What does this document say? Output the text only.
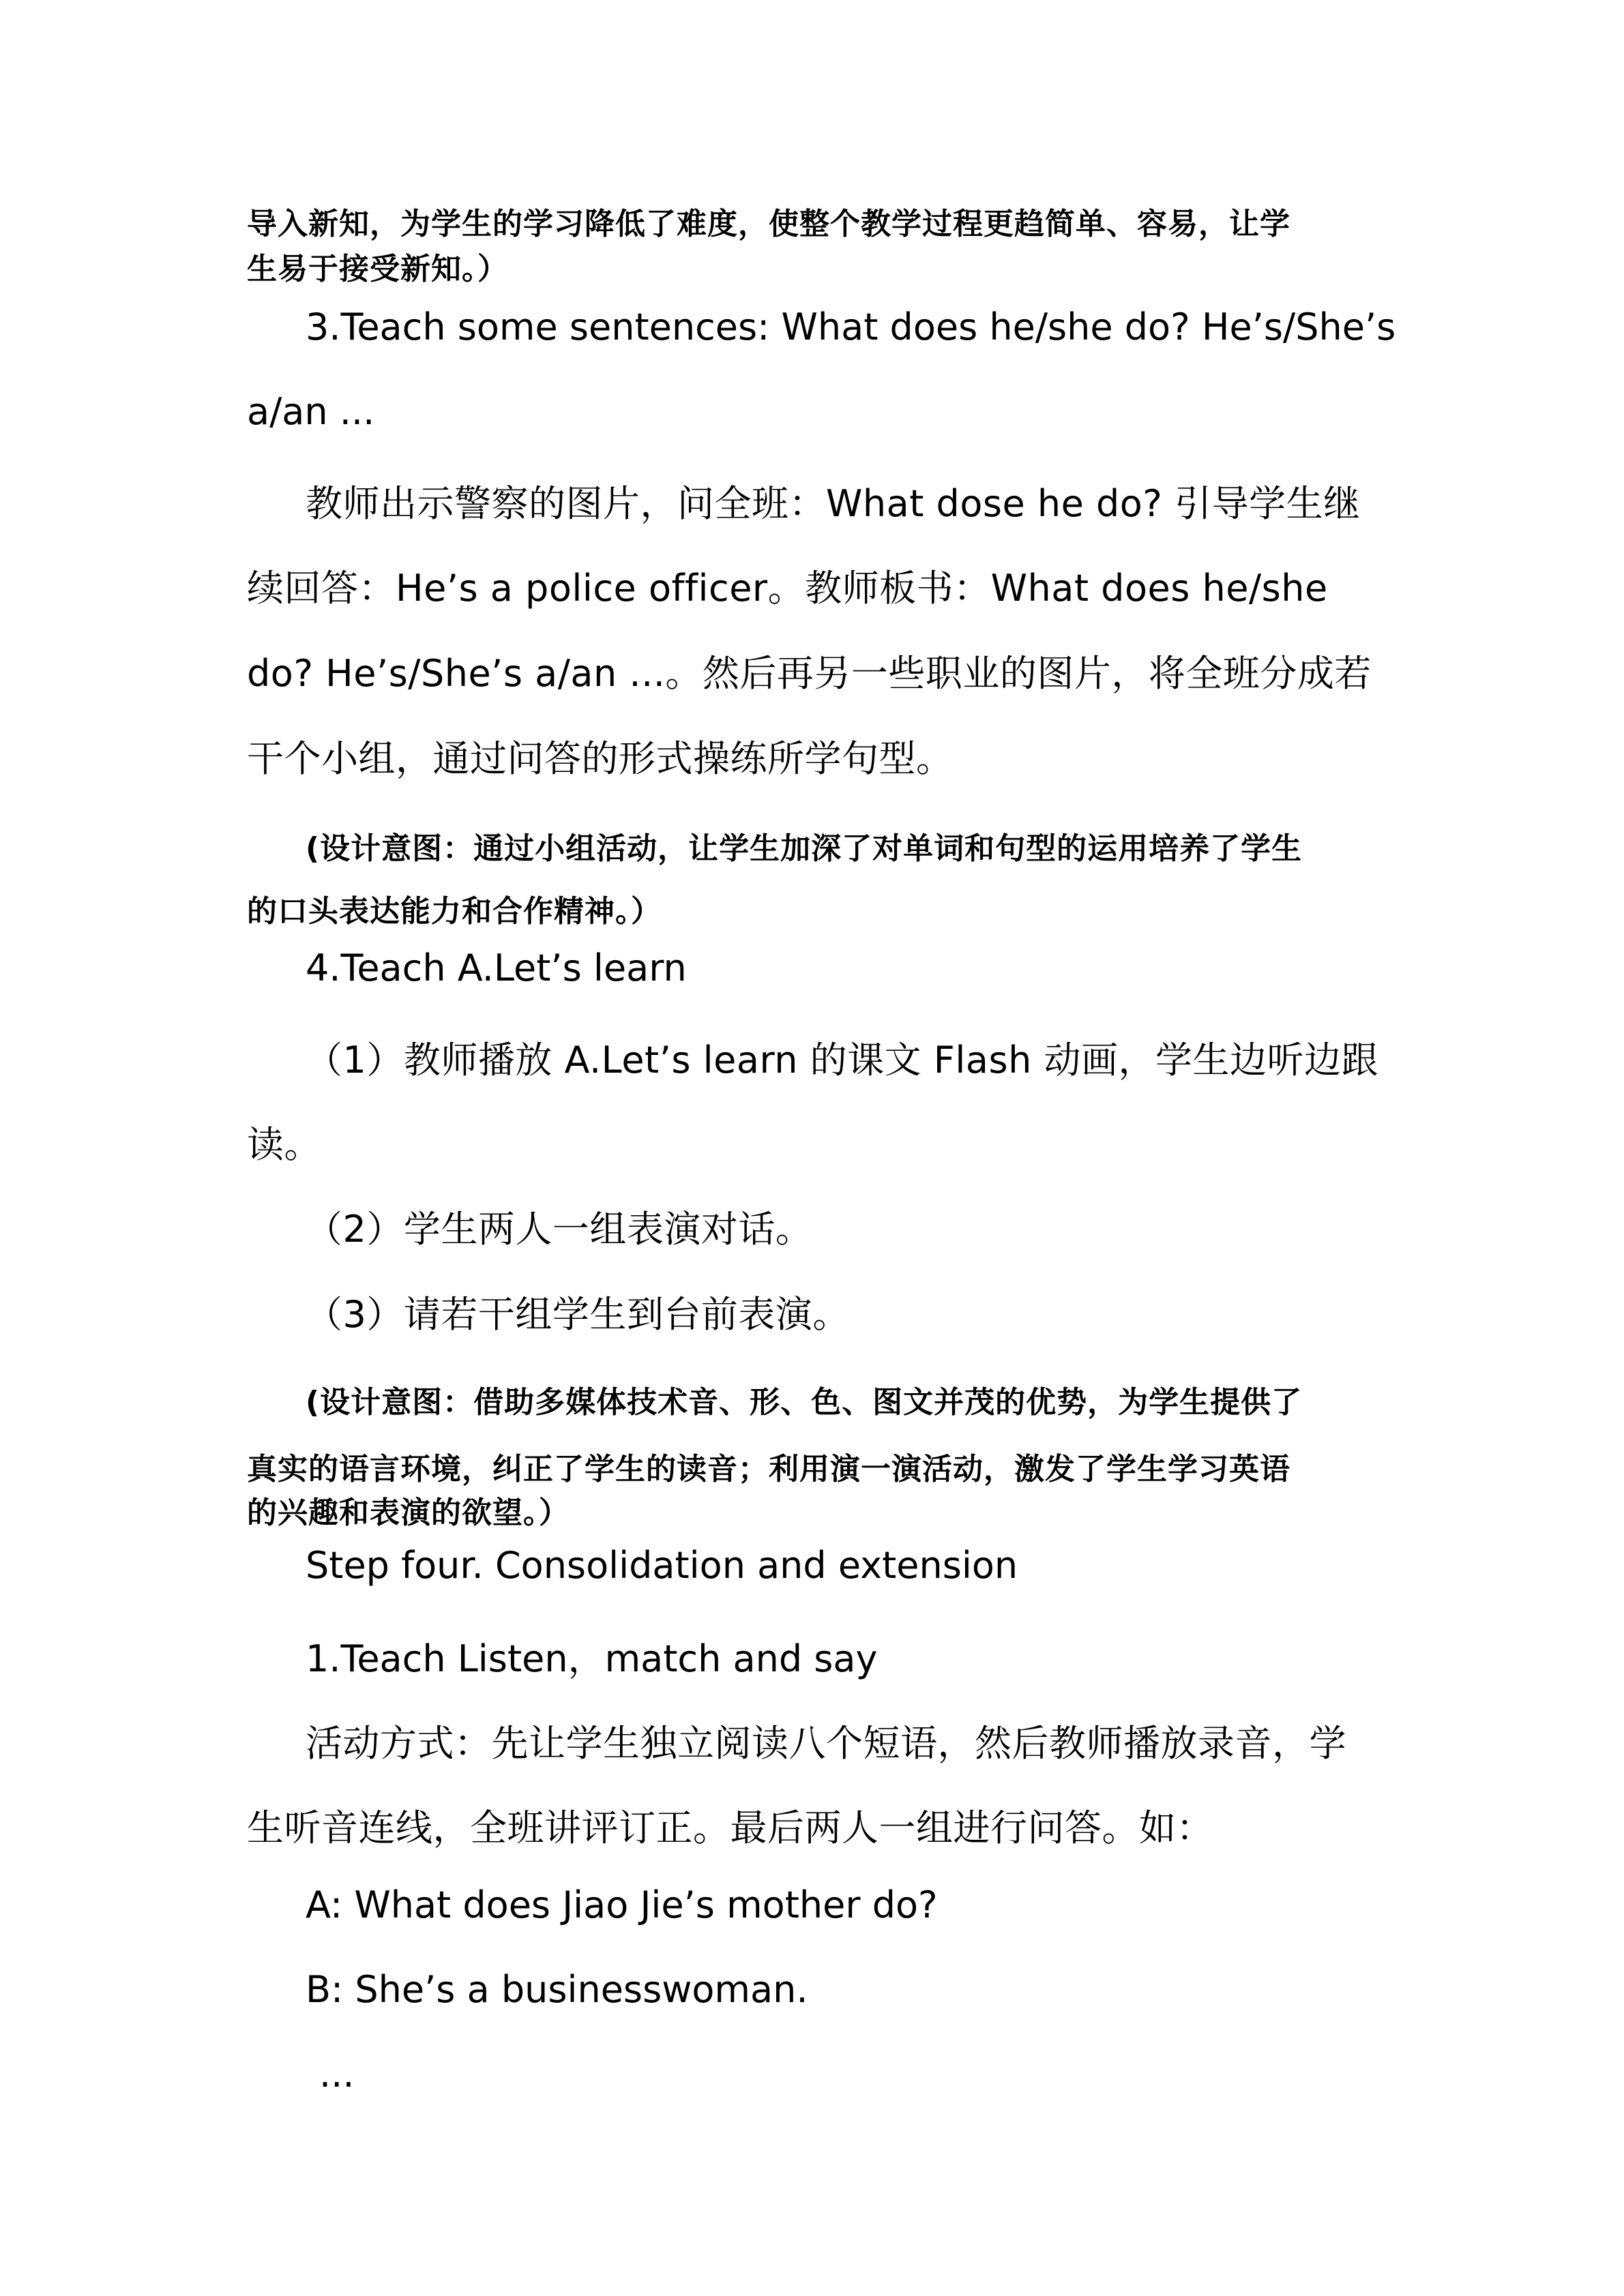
导入新知，为学生的学习降低了难度，使整个教学过程更趋简单、容易，让学

生易于接受新知。）

3.Teach some sentences: What does he/she do? He’s/She’s

a/an ...

教师出示警察的图片，问全班：What dose he do? 引导学生继

续回答：He’s a police officer。教师板书：What does he/she

do? He’s/She’s a/an ...。然后再另一些职业的图片，将全班分成若

干个小组，通过问答的形式操练所学句型。

(设计意图：通过小组活动，让学生加深了对单词和句型的运用培养了学生

的口头表达能力和合作精神。）

4.Teach A.Let’s learn

（1）教师播放 A.Let’s learn 的课文 Flash 动画，学生边听边跟

读。

（2）学生两人一组表演对话。

（3）请若干组学生到台前表演。

(设计意图：借助多媒体技术音、形、色、图文并茂的优势，为学生提供了

真实的语言环境，纠正了学生的读音；利用演一演活动，激发了学生学习英语

的兴趣和表演的欲望。）

Step four. Consolidation and extension

1.Teach Listen，match and say

活动方式：先让学生独立阅读八个短语，然后教师播放录音，学

生听音连线，全班讲评订正。最后两人一组进行问答。如：

A: What does Jiao Jie’s mother do?

B: She’s a businesswoman.

...
